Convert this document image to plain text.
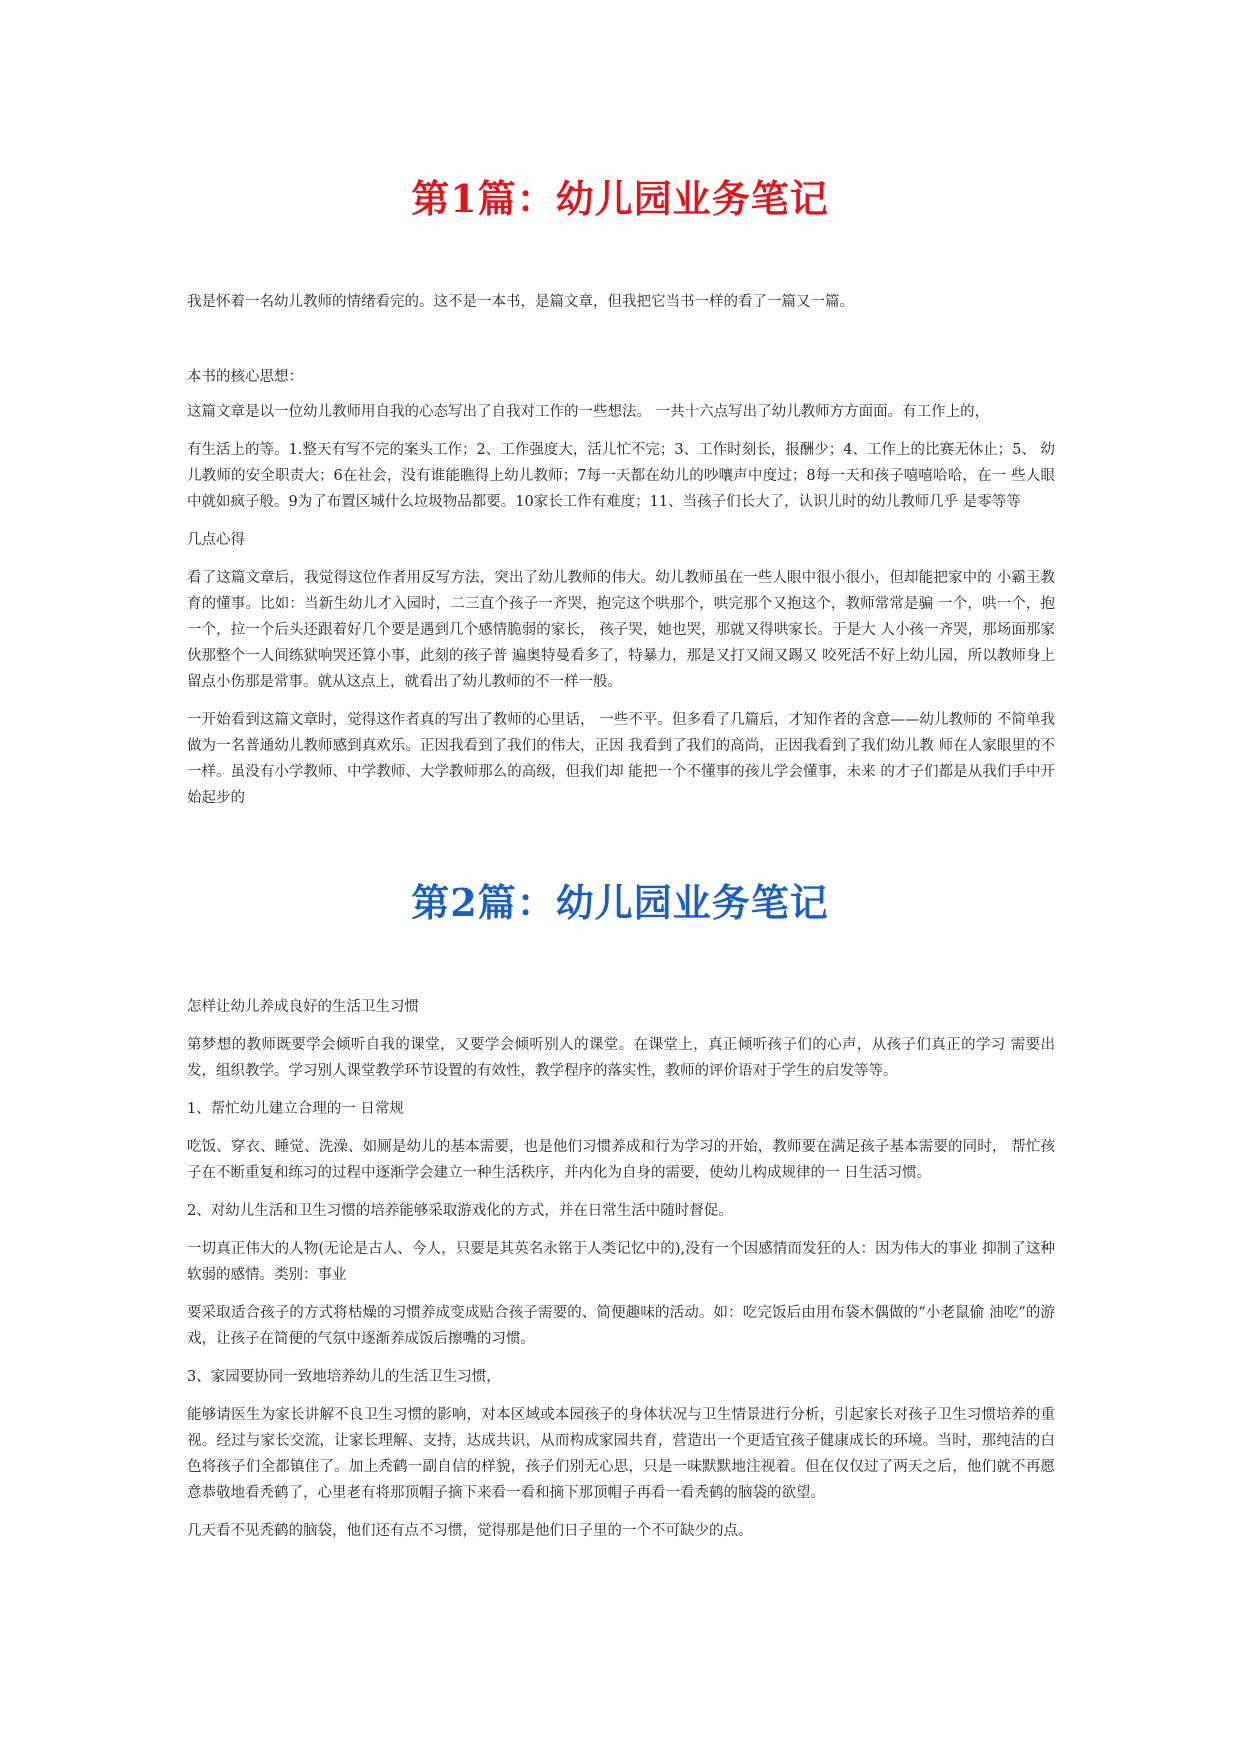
第1篇：幼儿园业务笔记

我是怀着一名幼儿教师的情绪看完的。这不是一本书，是篇文章，但我把它当书一样的看了一篇又一篇。

本书的核心思想：

这篇文章是以一位幼儿教师用自我的心态写出了自我对工作的一些想法。 一共十六点写出了幼儿教师方方面面。有工作上的，

有生活上的等。1.整天有写不完的案头工作；2、工作强度大，活儿忙不完；3、工作时刻长，报酬少；4、工作上的比赛无休止；5、 幼儿教师的安全职责大；6在社会，没有谁能瞧得上幼儿教师；7每一天都在幼儿的吵嚷声中度过；8每一天和孩子嘻嘻哈哈，在一 些人眼中就如疯子般。9为了布置区城什么垃圾物品都要。10家长工作有难度；11、当孩子们长大了，认识儿时的幼儿教师几乎 是零等等

几点心得

看了这篇文章后，我觉得这位作者用反写方法，突出了幼儿教师的伟大。幼儿教师虽在一些人眼中很小很小，但却能把家中的 小霸王教育的懂事。比如：当新生幼儿才入园时，二三直个孩子一齐哭，抱完这个哄那个，哄完那个又抱这个，教师常常是骗 一个，哄一个，抱一个，拉一个后头还跟着好几个要是遇到几个感情脆弱的家长， 孩子哭，她也哭，那就又得哄家长。于是大 人小孩一齐哭，那场面那家伙那整个一人间练狱响哭还算小事，此刻的孩子普 遍奥特曼看多了，特暴力，那是又打又闹又踢又 咬死活不好上幼儿园，所以教师身上留点小伤那是常事。就从这点上，就看出了幼儿教师的不一样一般。

一开始看到这篇文章时，觉得这作者真的写出了教师的心里话， 一些不平。但多看了几篇后，才知作者的含意——幼儿教师的 不简单我做为一名普通幼儿教师感到真欢乐。正因我看到了我们的伟大，正因 我看到了我们的高尚，正因我看到了我们幼儿教 师在人家眼里的不一样。虽没有小学教师、中学教师、大学教师那么的高级，但我们却 能把一个不懂事的孩儿学会懂事，未来 的才子们都是从我们手中开始起步的

第2篇：幼儿园业务笔记

怎样让幼儿养成良好的生活卫生习惯

第梦想的教师既要学会倾听自我的课堂，又要学会倾听别人的课堂。在课堂上，真正倾听孩子们的心声，从孩子们真正的学习 需要出发，组织教学。学习别人课堂教学环节设置的有效性，教学程序的落实性，教师的评价语对于学生的启发等等。

1、帮忙幼儿建立合理的一 日常规

吃饭、穿衣、睡觉、洗澡、如厕是幼儿的基本需要，也是他们习惯养成和行为学习的开始，教师要在满足孩子基本需要的同时， 帮忙孩子在不断重复和练习的过程中逐渐学会建立一种生活秩序，并内化为自身的需要，使幼儿构成规律的一 日生活习惯。

2、对幼儿生活和卫生习惯的培养能够采取游戏化的方式，并在日常生活中随时督促。

一切真正伟大的人物(无论是古人、今人，只要是其英名永铭于人类记忆中的),没有一个因感情而发狂的人：因为伟大的事业 抑制了这种软弱的感情。类别：事业

要采取适合孩子的方式将枯燥的习惯养成变成贴合孩子需要的、简便趣味的活动。如：吃完饭后由用布袋木偶做的“小老鼠偷 油吃”的游戏，让孩子在简便的气氛中逐渐养成饭后擦嘴的习惯。

3、家园要协同一致地培养幼儿的生活卫生习惯，

能够请医生为家长讲解不良卫生习惯的影响，对本区域或本园孩子的身体状况与卫生情景进行分析，引起家长对孩子卫生习惯培养的重视。经过与家长交流，让家长理解、支持，达成共识，从而构成家园共育，营造出一个更适宜孩子健康成长的环境。当时，那纯洁的白色将孩子们全都镇住了。加上秃鹤一副自信的样貌，孩子们别无心思，只是一味默默地注视着。但在仅仅过了两天之后，他们就不再愿意恭敬地看秃鹤了，心里老有将那顶帽子摘下来看一看和摘下那顶帽子再看一看秃鹤的脑袋的欲望。

几天看不见秃鹤的脑袋，他们还有点不习惯，觉得那是他们日子里的一个不可缺少的点。
